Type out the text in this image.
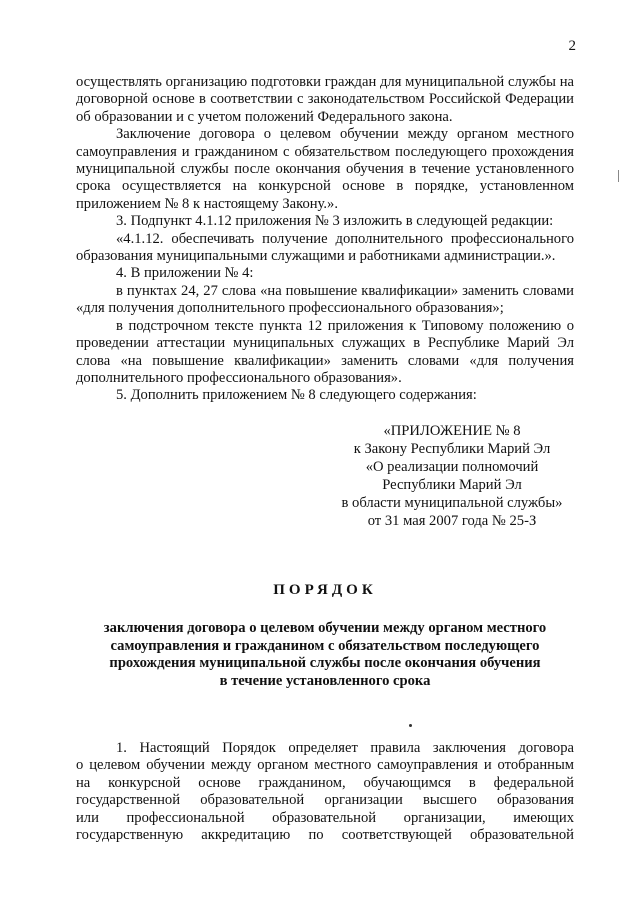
2

осуществлять организацию подготовки граждан для муниципальной службы на договорной основе в соответствии с законодательством Российской Федерации об образовании и с учетом положений Федерального закона.

Заключение договора о целевом обучении между органом местного самоуправления и гражданином с обязательством последующего прохождения муниципальной службы после окончания обучения в течение установленного срока осуществляется на конкурсной основе в порядке, установленном приложением № 8 к настоящему Закону.».

3. Подпункт 4.1.12 приложения № 3 изложить в следующей редакции:

«4.1.12. обеспечивать получение дополнительного профессионального образования муниципальными служащими и работниками администрации.».

4. В приложении № 4:

в пунктах 24, 27 слова «на повышение квалификации» заменить словами «для получения дополнительного профессионального образования»;

в подстрочном тексте пункта 12 приложения к Типовому положению о проведении аттестации муниципальных служащих в Республике Марий Эл слова «на повышение квалификации» заменить словами «для получения дополнительного профессионального образования».

5. Дополнить приложением № 8 следующего содержания:

«ПРИЛОЖЕНИЕ № 8
к Закону Республики Марий Эл
«О реализации полномочий
Республики Марий Эл
в области муниципальной службы»
от 31 мая 2007 года № 25-З
ПОРЯДОК
заключения договора о целевом обучении между органом местного
самоуправления и гражданином с обязательством последующего
прохождения муниципальной службы после окончания обучения
в течение установленного срока
1. Настоящий Порядок определяет правила заключения договора
о целевом обучении между органом местного самоуправления и отобранным
на конкурсной основе гражданином, обучающимся в федеральной
государственной образовательной организации высшего образования
или профессиональной образовательной организации, имеющих
государственную аккредитацию по соответствующей образовательной
